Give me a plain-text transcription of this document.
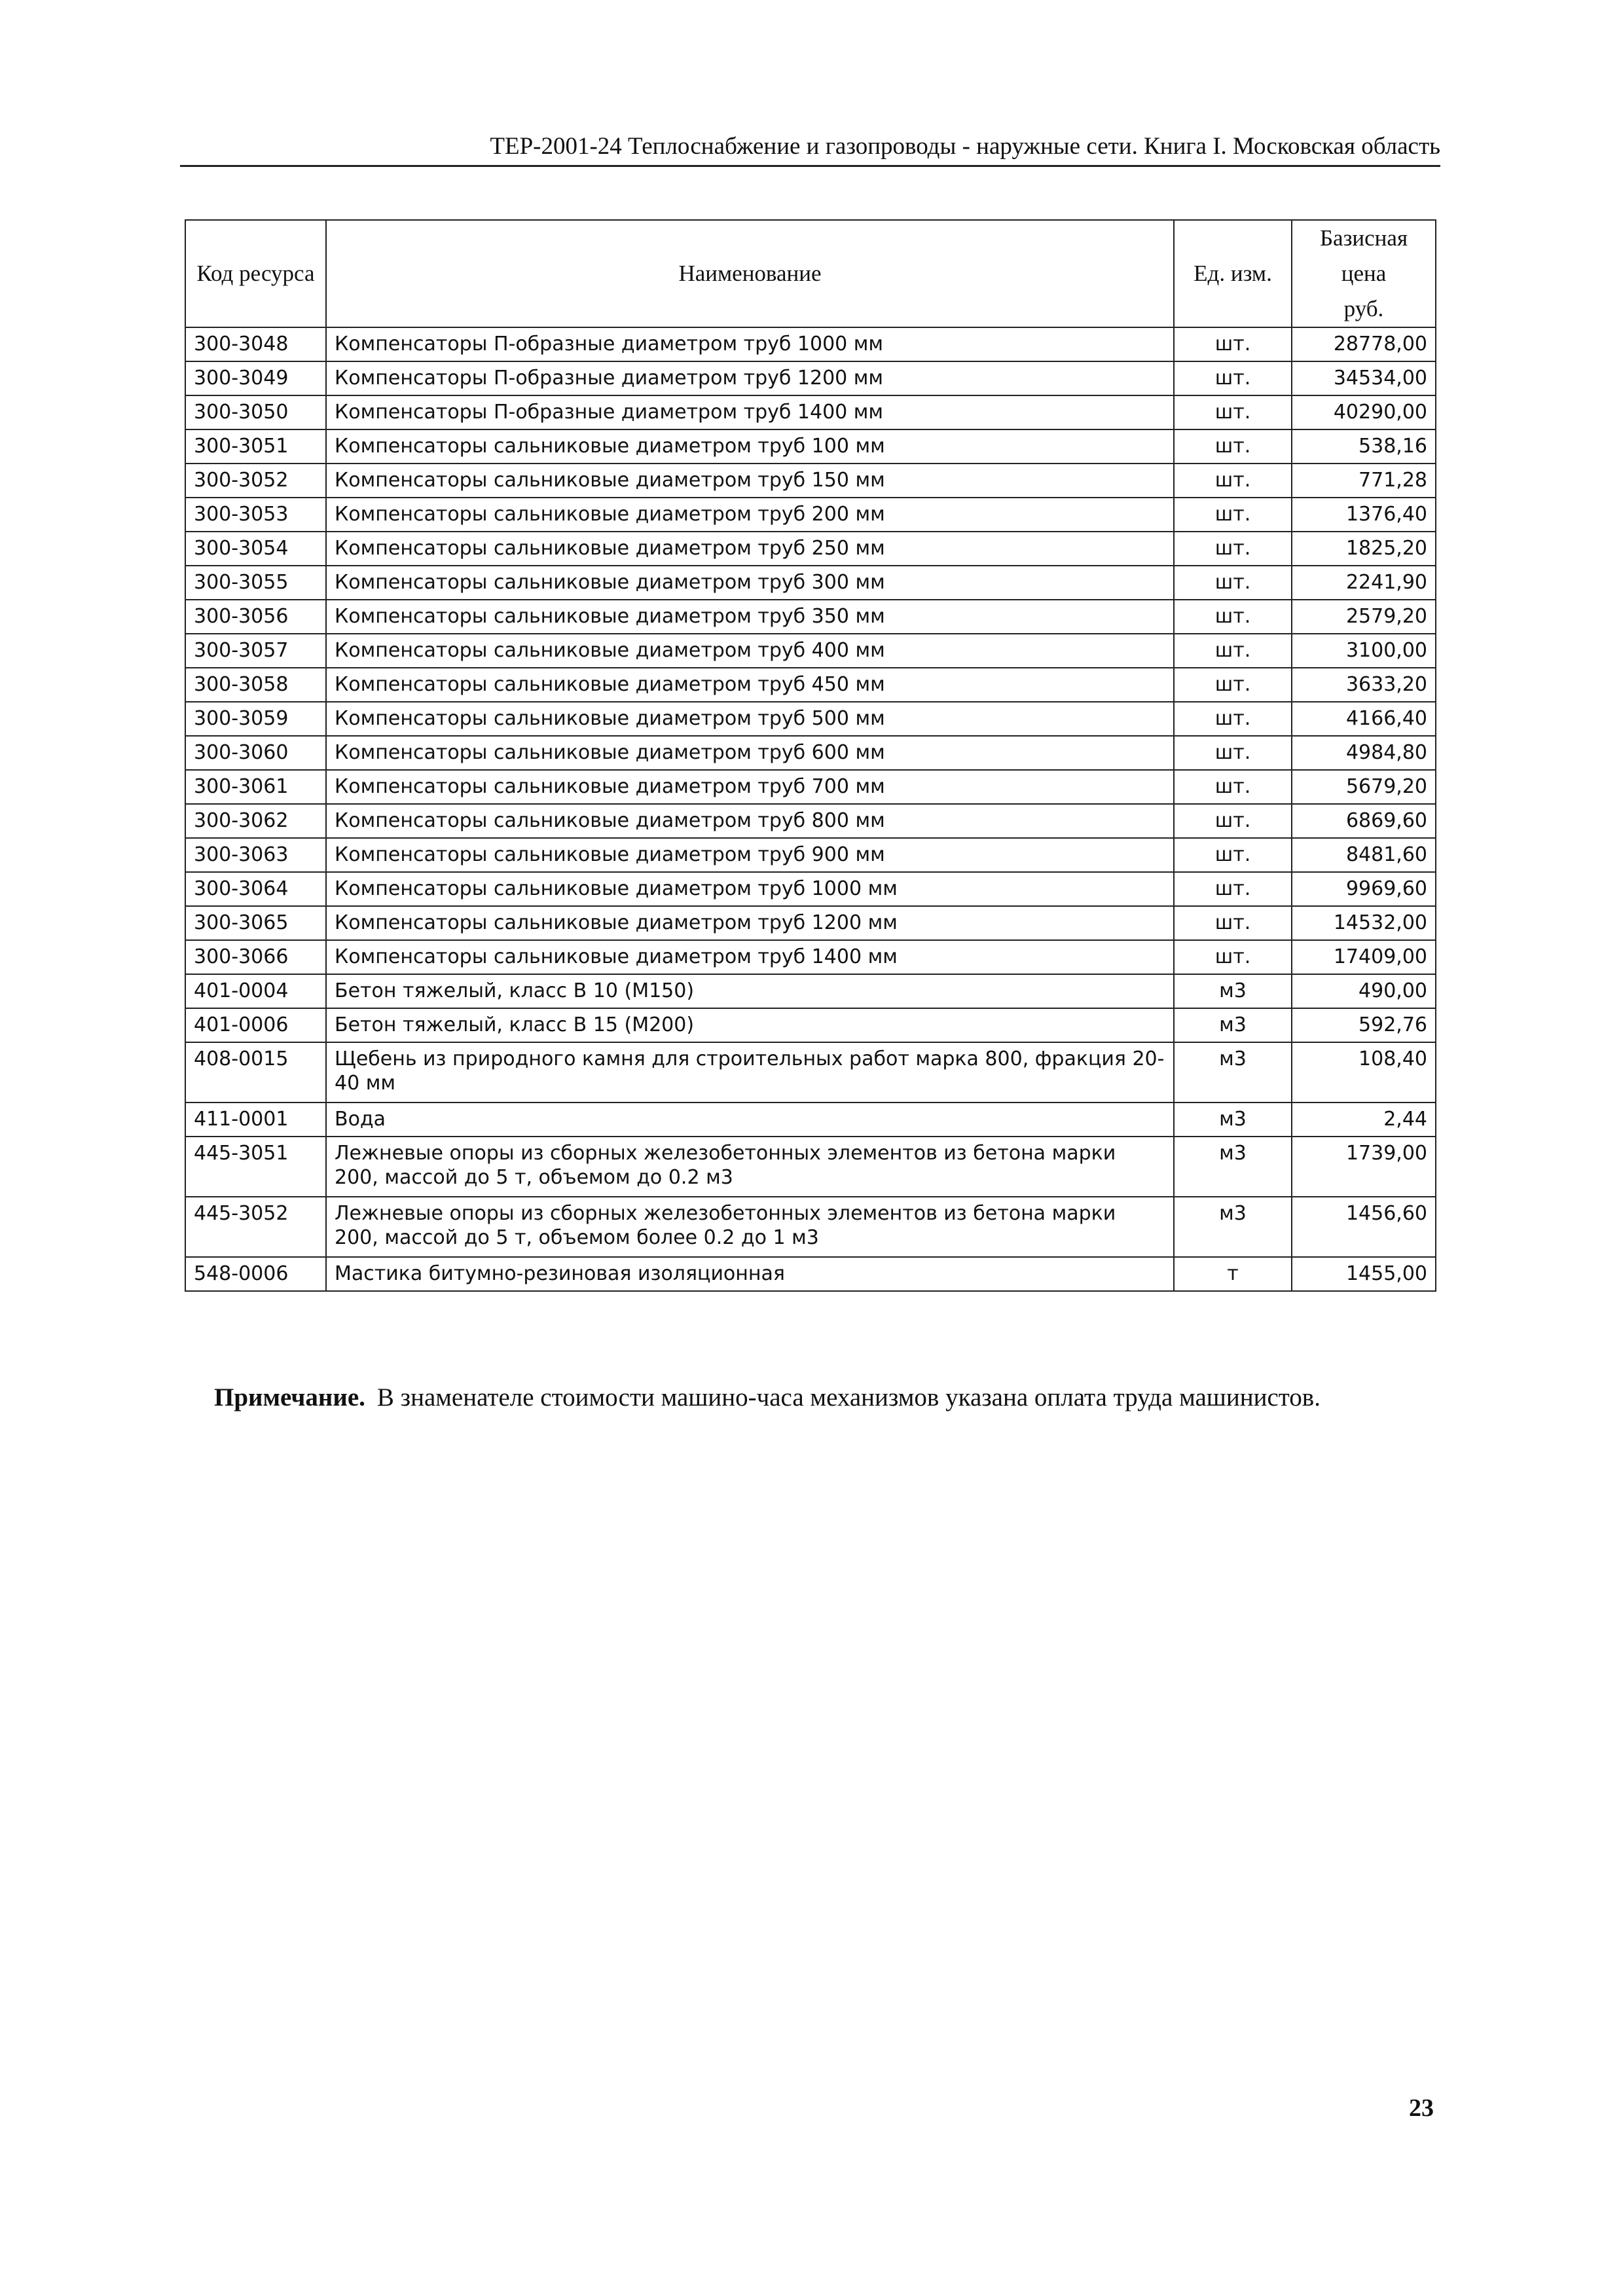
ТЕР-2001-24 Теплоснабжение и газопроводы - наружные сети. Книга I. Московская область
Код ресурса	Наименование	Ед. изм.	Базисная цена
руб.
300-3048	Компенсаторы П-образные диаметром труб 1000 мм	шт.	28778,00
300-3049	Компенсаторы П-образные диаметром труб 1200 мм	шт.	34534,00
300-3050	Компенсаторы П-образные диаметром труб 1400 мм	шт.	40290,00
300-3051	Компенсаторы сальниковые диаметром труб 100 мм	шт.	538,16
300-3052	Компенсаторы сальниковые диаметром труб 150 мм	шт.	771,28
300-3053	Компенсаторы сальниковые диаметром труб 200 мм	шт.	1376,40
300-3054	Компенсаторы сальниковые диаметром труб 250 мм	шт.	1825,20
300-3055	Компенсаторы сальниковые диаметром труб 300 мм	шт.	2241,90
300-3056	Компенсаторы сальниковые диаметром труб 350 мм	шт.	2579,20
300-3057	Компенсаторы сальниковые диаметром труб 400 мм	шт.	3100,00
300-3058	Компенсаторы сальниковые диаметром труб 450 мм	шт.	3633,20
300-3059	Компенсаторы сальниковые диаметром труб 500 мм	шт.	4166,40
300-3060	Компенсаторы сальниковые диаметром труб 600 мм	шт.	4984,80
300-3061	Компенсаторы сальниковые диаметром труб 700 мм	шт.	5679,20
300-3062	Компенсаторы сальниковые диаметром труб 800 мм	шт.	6869,60
300-3063	Компенсаторы сальниковые диаметром труб 900 мм	шт.	8481,60
300-3064	Компенсаторы сальниковые диаметром труб 1000 мм	шт.	9969,60
300-3065	Компенсаторы сальниковые диаметром труб 1200 мм	шт.	14532,00
300-3066	Компенсаторы сальниковые диаметром труб 1400 мм	шт.	17409,00
401-0004	Бетон тяжелый, класс В 10 (М150)	м3	490,00
401-0006	Бетон тяжелый, класс В 15 (М200)	м3	592,76
408-0015	Щебень из природного камня для строительных работ марка 800, фракция 20-40 мм	м3	108,40
411-0001	Вода	м3	2,44
445-3051	Лежневые опоры из сборных железобетонных элементов из бетона марки 200, массой до 5 т, объемом до 0.2 м3	м3	1739,00
445-3052	Лежневые опоры из сборных железобетонных элементов из бетона марки 200, массой до 5 т, объемом более 0.2 до 1 м3	м3	1456,60
548-0006	Мастика битумно-резиновая изоляционная	т	1455,00
Примечание. В знаменателе стоимости машино-часа механизмов указана оплата труда машинистов.
23
